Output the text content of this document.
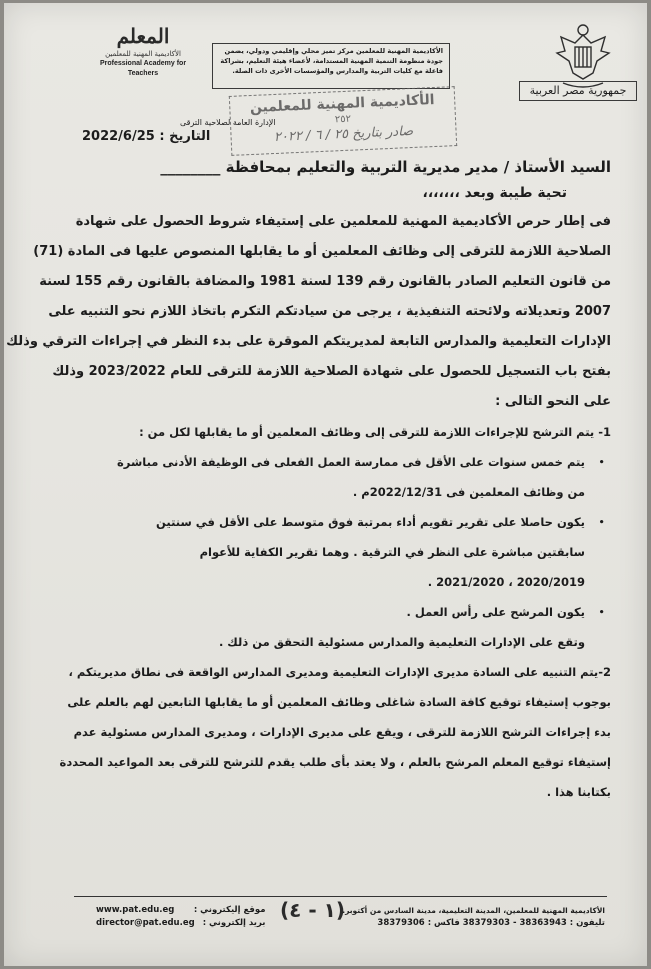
جمهورية مصر العربية
الأكاديمية المهنية للمعلمين مركز تميز محلي وإقليمي ودولي، يضمن جودة منظومة التنمية المهنية المستدامة، لأعضاء هيئة التعليم، بشراكة فاعلة مع كليات التربية والمدارس والمؤسسات الأخرى ذات الصلة.
المعلم
الأكاديمية المهنية للمعلمين
Professional Academy for Teachers
الأكاديمية المهنية للمعلمين
٢٥٢
صادر بتاريخ ٢٥ / ٦ / ٢٠٢٢
الإدارة العامة لصلاحية الترقى
التاريخ : 2022/6/25
السيد الأستاذ / مدير مديرية التربية والتعليم بمحافظة ________
تحية طيبة وبعد ،،،،،،،
فى إطار حرص الأكاديمية المهنية للمعلمين على إستيفاء شروط الحصول على شهادة
الصلاحية اللازمة للترقى إلى وظائف المعلمين أو ما يقابلها المنصوص عليها فى المادة (71)
من قانون التعليم الصادر بالقانون رقم 139 لسنة 1981 والمضافة بالقانون رقم 155 لسنة
2007 وتعديلاته ولائحته التنفيذية ، يرجى من سيادتكم التكرم باتخاذ اللازم نحو التنبيه على
الإدارات التعليمية والمدارس التابعة لمديريتكم الموقرة على بدء النظر في إجراءات الترقي وذلك
بفتح باب التسجيل للحصول على شهادة الصلاحية اللازمة للترقى للعام 2023/2022 وذلك
على النحو التالى :
1- يتم الترشح للإجراءات اللازمة للترقى إلى وظائف المعلمين أو ما يقابلها لكل من :
•
يتم خمس سنوات على الأقل فى ممارسة العمل الفعلى فى الوظيفة الأدنى مباشرة
من وظائف المعلمين فى 2022/12/31م .
•
يكون حاصلا على تقرير تقويم أداء بمرتبة فوق متوسط على الأقل في سنتين
سابقتين مباشرة على النظر في الترقية . وهما تقرير الكفاية للأعوام
2020/2019 ، 2021/2020 .
•
يكون المرشح على رأس العمل .
وتقع على الإدارات التعليمية والمدارس مسئولية التحقق من ذلك .
2-يتم التنبيه على السادة مديرى الإدارات التعليمية ومديرى المدارس الواقعة فى نطاق مديريتكم ،
بوجوب إستيفاء توقيع كافة السادة شاغلى وظائف المعلمين أو ما يقابلها التابعين لهم بالعلم على
بدء إجراءات الترشح اللازمة للترقى ، ويقع على مديرى الإدارات ، ومديرى المدارس مسئولية عدم
إستيفاء توقيع المعلم المرشح بالعلم ، ولا يعتد بأى طلب يقدم للترشح للترقى بعد المواعيد المحددة
بكتابنا هذا .
الأكاديمية المهنية للمعلمين، المدينة التعليمية، مدينة السادس من أكتوبر.
تليفون : 38363943 - 38379303 فاكس : 38379306
(١ - ٤)
www.pat.edu.eg موقع إليكتروني :
director@pat.edu.eg بريد إلكتروني :
